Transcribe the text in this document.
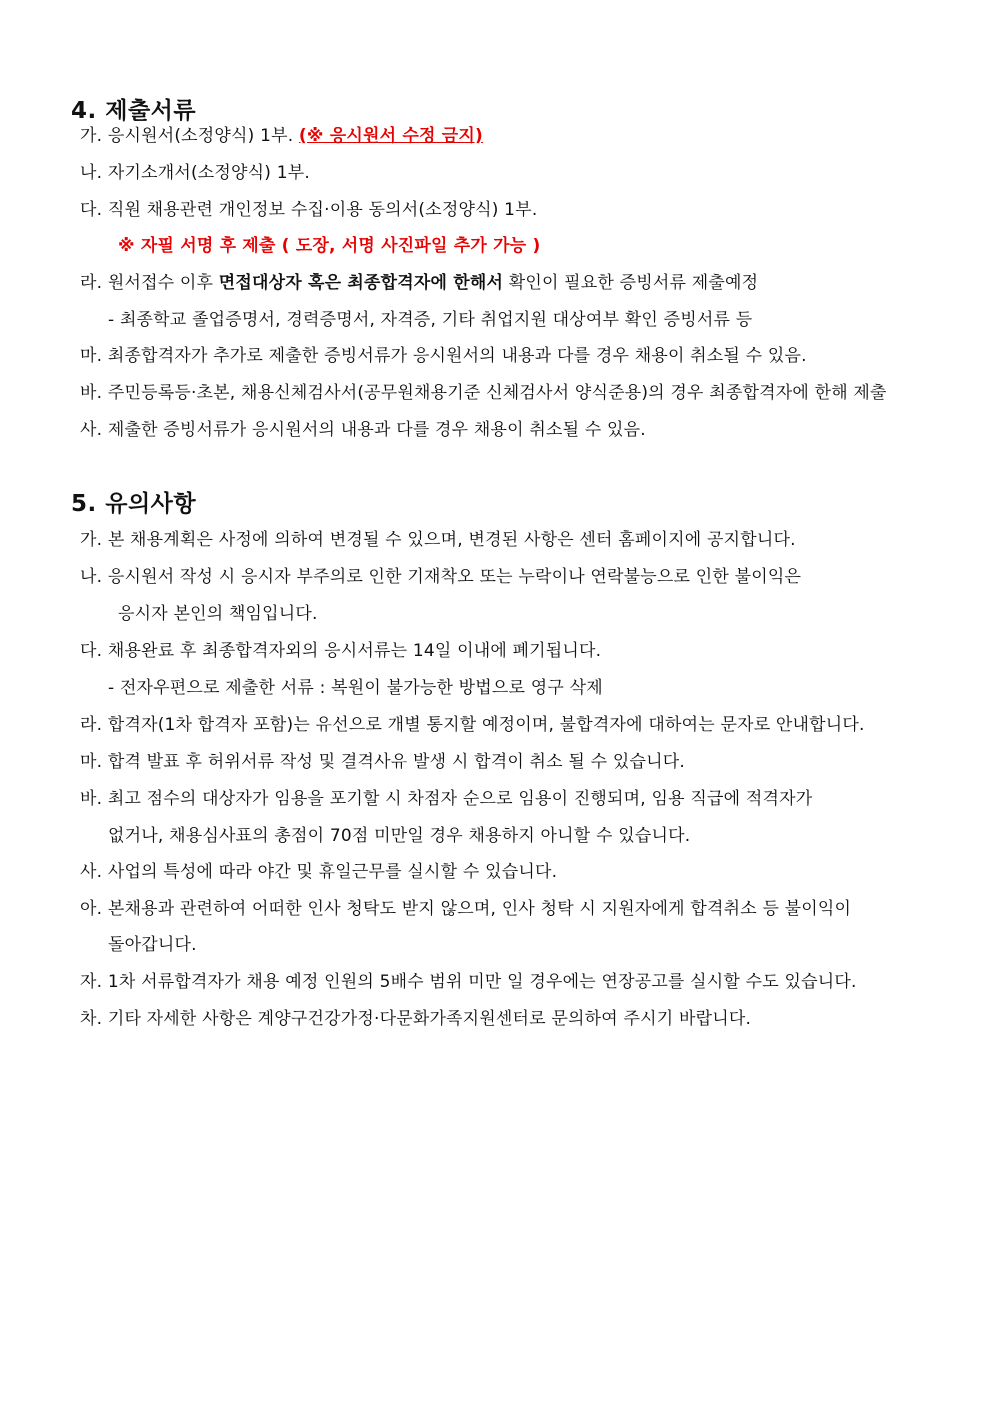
4. 제출서류
가. 응시원서(소정양식) 1부. (※ 응시원서 수정 금지)
나. 자기소개서(소정양식) 1부.
다. 직원 채용관련 개인정보 수집·이용 동의서(소정양식) 1부.
※ 자필 서명 후 제출 ( 도장, 서명 사진파일 추가 가능 )
라. 원서접수 이후 면접대상자 혹은 최종합격자에 한해서 확인이 필요한 증빙서류 제출예정
- 최종학교 졸업증명서, 경력증명서, 자격증, 기타 취업지원 대상여부 확인 증빙서류 등
마. 최종합격자가 추가로 제출한 증빙서류가 응시원서의 내용과 다를 경우 채용이 취소될 수 있음.
바. 주민등록등·초본, 채용신체검사서(공무원채용기준 신체검사서 양식준용)의 경우 최종합격자에 한해 제출
사. 제출한 증빙서류가 응시원서의 내용과 다를 경우 채용이 취소될 수 있음.
5. 유의사항
가. 본 채용계획은 사정에 의하여 변경될 수 있으며, 변경된 사항은 센터 홈페이지에 공지합니다.
나. 응시원서 작성 시 응시자 부주의로 인한 기재착오 또는 누락이나 연락불능으로 인한 불이익은
응시자 본인의 책임입니다.
다. 채용완료 후 최종합격자외의 응시서류는 14일 이내에 폐기됩니다.
- 전자우편으로 제출한 서류 : 복원이 불가능한 방법으로 영구 삭제
라. 합격자(1차 합격자 포함)는 유선으로 개별 통지할 예정이며, 불합격자에 대하여는 문자로 안내합니다.
마. 합격 발표 후 허위서류 작성 및 결격사유 발생 시 합격이 취소 될 수 있습니다.
바. 최고 점수의 대상자가 임용을 포기할 시 차점자 순으로 임용이 진행되며, 임용 직급에 적격자가
없거나, 채용심사표의 총점이 70점 미만일 경우 채용하지 아니할 수 있습니다.
사. 사업의 특성에 따라 야간 및 휴일근무를 실시할 수 있습니다.
아. 본채용과 관련하여 어떠한 인사 청탁도 받지 않으며, 인사 청탁 시 지원자에게 합격취소 등 불이익이
돌아갑니다.
자. 1차 서류합격자가 채용 예정 인원의 5배수 범위 미만 일 경우에는 연장공고를 실시할 수도 있습니다.
차. 기타 자세한 사항은 계양구건강가정·다문화가족지원센터로 문의하여 주시기 바랍니다.
